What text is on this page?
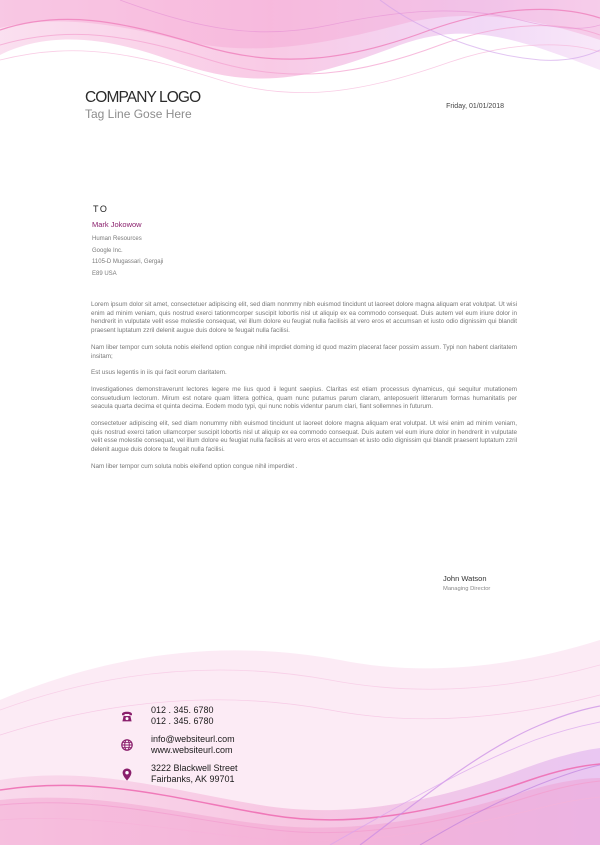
COMPANY LOGO
Tag Line Gose Here
Friday, 01/01/2018
TO
Mark Jokowow
Human Resources
Google Inc.
1105-D Mugassari, Gergaji
E89 USA

Lorem ipsum dolor sit amet, consectetuer adipiscing elit, sed diam nonmmy nibh euismod tincidunt ut laoreet dolore magna aliquam erat volutpat. Ut wisi enim ad minim veniam, quis nostrud exerci tationmcorper suscipit lobortis nisl ut aliquip ex ea commodo consequat. Duis autem vel eum iriure dolor in hendrerit in vulputate velit esse molestie consequat, vel illum dolore eu feugiat nulla facilisis at vero eros et accumsan et iusto odio dignissim qui blandit praesent luptatum zzril delenit augue duis dolore te feugait nulla facilisi.

Nam liber tempor cum soluta nobis eleifend option congue nihil imprdiet doming id quod mazim placerat facer possim assum. Typi non habent claritatem insitam;

Est usus legentis in iis qui facit eorum claritatem.

Investigationes demonstraverunt lectores legere me lius quod ii legunt saepius. Claritas est etiam processus dynamicus, qui sequitur mutationem consuetudium lectorum. Mirum est notare quam littera gothica, quam nunc putamus parum claram, anteposuerit litterarum formas humanitatis per seacula quarta decima et quinta decima. Eodem modo typi, qui nunc nobis videntur parum clari, fiant sollemnes in futurum.

consectetuer adipiscing elit, sed diam nonummy nibh euismod tincidunt ut laoreet dolore magna aliquam erat volutpat. Ut wisi enim ad minim veniam, quis nostrud exerci tation ullamcorper suscipit lobortis nisl ut aliquip ex ea commodo consequat. Duis autem vel eum iriure dolor in hendrerit in vulputate velit esse molestie consequat, vel illum dolore eu feugiat nulla facilisis at vero eros et accumsan et iusto odio dignissim qui blandit praesent luptatum zzril delenit augue duis dolore te feugait nulla facilisi.

Nam liber tempor cum soluta nobis eleifend option congue nihil imperdiet .

John Watson
Managing Director
012 . 345. 6780
012 . 345. 6780
info@websiteurl.com
www.websiteurl.com
3222 Blackwell Street
Fairbanks, AK 99701
